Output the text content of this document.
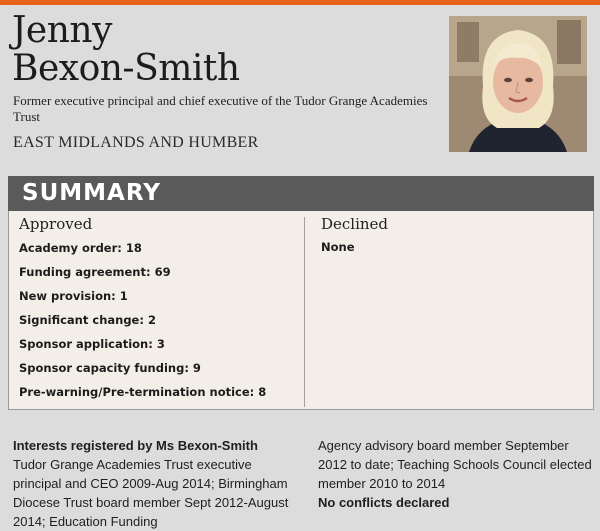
Jenny
Bexon-Smith

Former executive principal and chief executive of the Tudor Grange Academies Trust

EAST MIDLANDS AND HUMBER

SUMMARY
Approved	Declined
Academy order: 18
Funding agreement: 69
New provision: 1
Significant change: 2
Sponsor application: 3
Sponsor capacity funding: 9
Pre-warning/Pre-termination notice: 8
None
Interests registered by Ms Bexon-Smith
Tudor Grange Academies Trust executive principal and CEO 2009-Aug 2014; Birmingham Diocese Trust board member Sept 2012-August 2014; Education Funding
Agency advisory board member September 2012 to date; Teaching Schools Council elected member 2010 to 2014
No conflicts declared
